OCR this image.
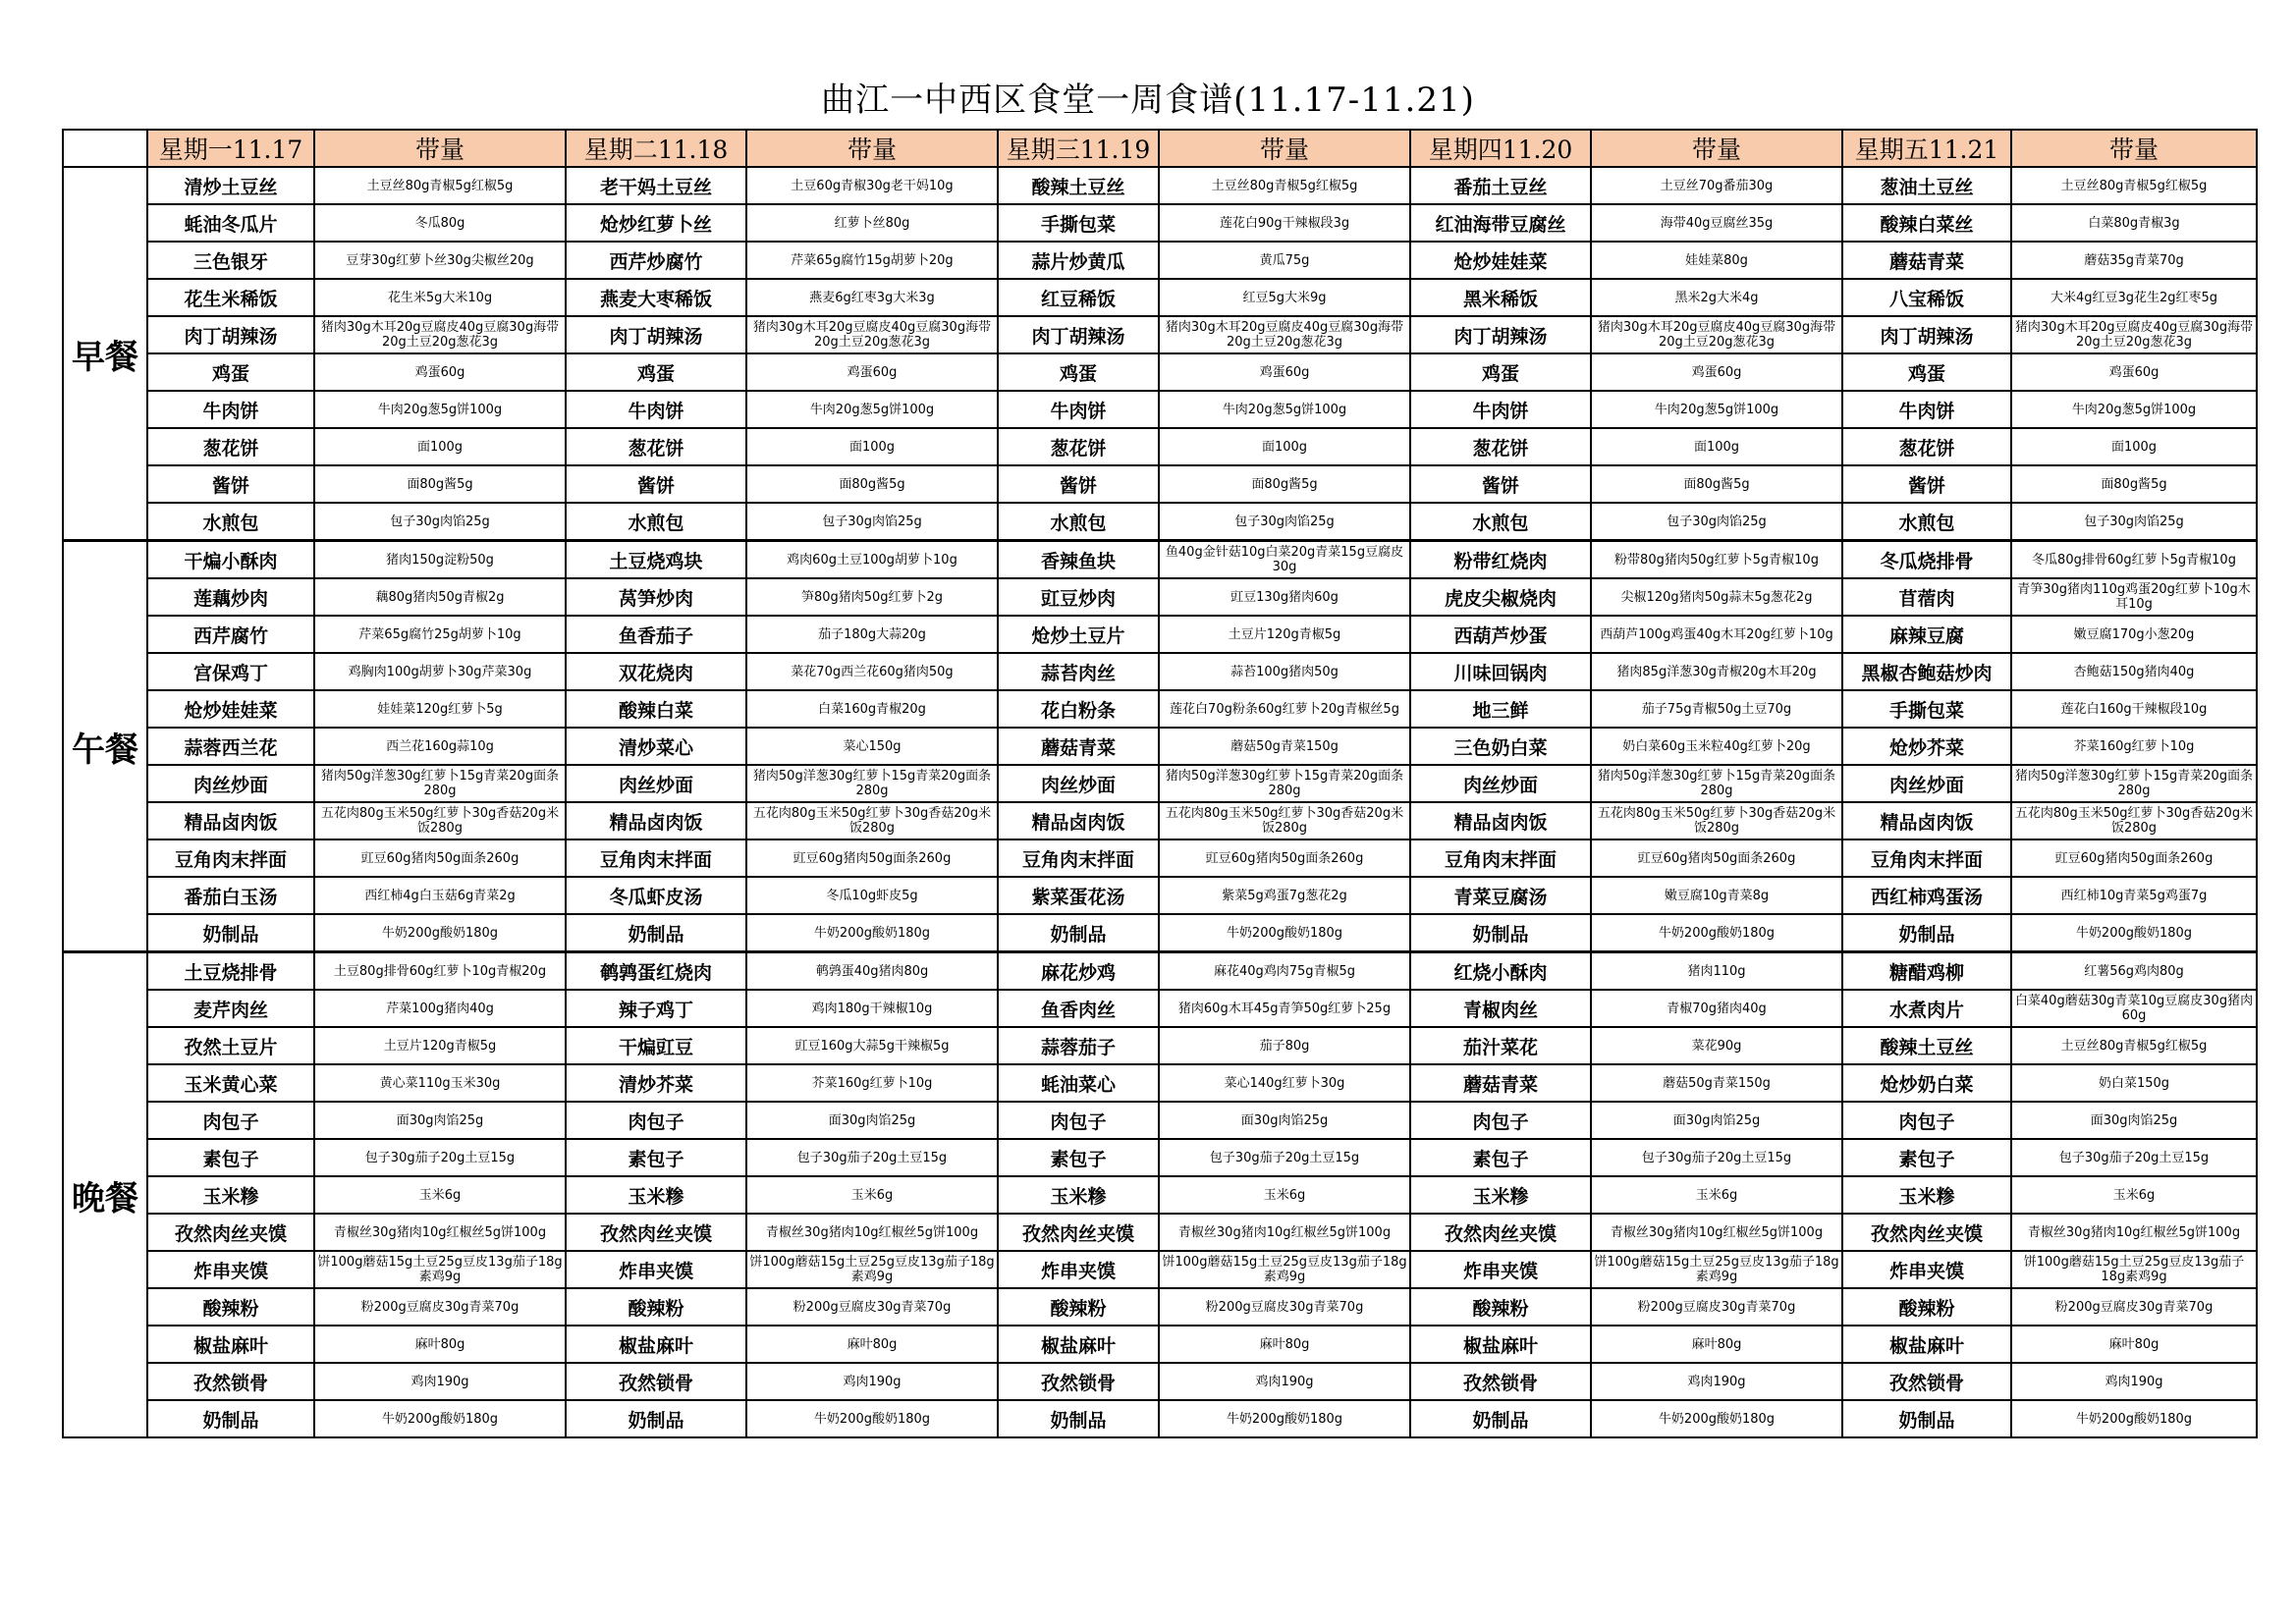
曲江一中西区食堂一周食谱(11.17-11.21)
	星期一11.17	带量	星期二11.18	带量	星期三11.19	带量	星期四11.20	带量	星期五11.21	带量
早餐	清炒土豆丝	土豆丝80g青椒5g红椒5g	老干妈土豆丝	土豆60g青椒30g老干妈10g	酸辣土豆丝	土豆丝80g青椒5g红椒5g	番茄土豆丝	土豆丝70g番茄30g	葱油土豆丝	土豆丝80g青椒5g红椒5g
	蚝油冬瓜片	冬瓜80g	炝炒红萝卜丝	红萝卜丝80g	手撕包菜	莲花白90g干辣椒段3g	红油海带豆腐丝	海带40g豆腐丝35g	酸辣白菜丝	白菜80g青椒3g
	三色银牙	豆芽30g红萝卜丝30g尖椒丝20g	西芹炒腐竹	芹菜65g腐竹15g胡萝卜20g	蒜片炒黄瓜	黄瓜75g	炝炒娃娃菜	娃娃菜80g	蘑菇青菜	蘑菇35g青菜70g
	花生米稀饭	花生米5g大米10g	燕麦大枣稀饭	燕麦6g红枣3g大米3g	红豆稀饭	红豆5g大米9g	黑米稀饭	黑米2g大米4g	八宝稀饭	大米4g红豆3g花生2g红枣5g
	肉丁胡辣汤	猪肉30g木耳20g豆腐皮40g豆腐30g海带20g土豆20g葱花3g	肉丁胡辣汤	猪肉30g木耳20g豆腐皮40g豆腐30g海带20g土豆20g葱花3g	肉丁胡辣汤	猪肉30g木耳20g豆腐皮40g豆腐30g海带20g土豆20g葱花3g	肉丁胡辣汤	猪肉30g木耳20g豆腐皮40g豆腐30g海带20g土豆20g葱花3g	肉丁胡辣汤	猪肉30g木耳20g豆腐皮40g豆腐30g海带20g土豆20g葱花3g
	鸡蛋	鸡蛋60g	鸡蛋	鸡蛋60g	鸡蛋	鸡蛋60g	鸡蛋	鸡蛋60g	鸡蛋	鸡蛋60g
	牛肉饼	牛肉20g葱5g饼100g	牛肉饼	牛肉20g葱5g饼100g	牛肉饼	牛肉20g葱5g饼100g	牛肉饼	牛肉20g葱5g饼100g	牛肉饼	牛肉20g葱5g饼100g
	葱花饼	面100g	葱花饼	面100g	葱花饼	面100g	葱花饼	面100g	葱花饼	面100g
	酱饼	面80g酱5g	酱饼	面80g酱5g	酱饼	面80g酱5g	酱饼	面80g酱5g	酱饼	面80g酱5g
	水煎包	包子30g肉馅25g	水煎包	包子30g肉馅25g	水煎包	包子30g肉馅25g	水煎包	包子30g肉馅25g	水煎包	包子30g肉馅25g
午餐	干煸小酥肉	猪肉150g淀粉50g	土豆烧鸡块	鸡肉60g土豆100g胡萝卜10g	香辣鱼块	鱼40g金针菇10g白菜20g青菜15g豆腐皮30g	粉带红烧肉	粉带80g猪肉50g红萝卜5g青椒10g	冬瓜烧排骨	冬瓜80g排骨60g红萝卜5g青椒10g
	莲藕炒肉	藕80g猪肉50g青椒2g	莴笋炒肉	笋80g猪肉50g红萝卜2g	豇豆炒肉	豇豆130g猪肉60g	虎皮尖椒烧肉	尖椒120g猪肉50g蒜末5g葱花2g	苜蓿肉	青笋30g猪肉110g鸡蛋20g红萝卜10g木耳10g
	西芹腐竹	芹菜65g腐竹25g胡萝卜10g	鱼香茄子	茄子180g大蒜20g	炝炒土豆片	土豆片120g青椒5g	西葫芦炒蛋	西葫芦100g鸡蛋40g木耳20g红萝卜10g	麻辣豆腐	嫩豆腐170g小葱20g
	宫保鸡丁	鸡胸肉100g胡萝卜30g芹菜30g	双花烧肉	菜花70g西兰花60g猪肉50g	蒜苔肉丝	蒜苔100g猪肉50g	川味回锅肉	猪肉85g洋葱30g青椒20g木耳20g	黑椒杏鲍菇炒肉	杏鲍菇150g猪肉40g
	炝炒娃娃菜	娃娃菜120g红萝卜5g	酸辣白菜	白菜160g青椒20g	花白粉条	莲花白70g粉条60g红萝卜20g青椒丝5g	地三鲜	茄子75g青椒50g土豆70g	手撕包菜	莲花白160g干辣椒段10g
	蒜蓉西兰花	西兰花160g蒜10g	清炒菜心	菜心150g	蘑菇青菜	蘑菇50g青菜150g	三色奶白菜	奶白菜60g玉米粒40g红萝卜20g	炝炒芥菜	芥菜160g红萝卜10g
	肉丝炒面	猪肉50g洋葱30g红萝卜15g青菜20g面条280g	肉丝炒面	猪肉50g洋葱30g红萝卜15g青菜20g面条280g	肉丝炒面	猪肉50g洋葱30g红萝卜15g青菜20g面条280g	肉丝炒面	猪肉50g洋葱30g红萝卜15g青菜20g面条280g	肉丝炒面	猪肉50g洋葱30g红萝卜15g青菜20g面条280g
	精品卤肉饭	五花肉80g玉米50g红萝卜30g香菇20g米饭280g	精品卤肉饭	五花肉80g玉米50g红萝卜30g香菇20g米饭280g	精品卤肉饭	五花肉80g玉米50g红萝卜30g香菇20g米饭280g	精品卤肉饭	五花肉80g玉米50g红萝卜30g香菇20g米饭280g	精品卤肉饭	五花肉80g玉米50g红萝卜30g香菇20g米饭280g
	豆角肉末拌面	豇豆60g猪肉50g面条260g	豆角肉末拌面	豇豆60g猪肉50g面条260g	豆角肉末拌面	豇豆60g猪肉50g面条260g	豆角肉末拌面	豇豆60g猪肉50g面条260g	豆角肉末拌面	豇豆60g猪肉50g面条260g
	番茄白玉汤	西红柿4g白玉菇6g青菜2g	冬瓜虾皮汤	冬瓜10g虾皮5g	紫菜蛋花汤	紫菜5g鸡蛋7g葱花2g	青菜豆腐汤	嫩豆腐10g青菜8g	西红柿鸡蛋汤	西红柿10g青菜5g鸡蛋7g
	奶制品	牛奶200g酸奶180g	奶制品	牛奶200g酸奶180g	奶制品	牛奶200g酸奶180g	奶制品	牛奶200g酸奶180g	奶制品	牛奶200g酸奶180g
晚餐	土豆烧排骨	土豆80g排骨60g红萝卜10g青椒20g	鹌鹑蛋红烧肉	鹌鹑蛋40g猪肉80g	麻花炒鸡	麻花40g鸡肉75g青椒5g	红烧小酥肉	猪肉110g	糖醋鸡柳	红薯56g鸡肉80g
	麦芹肉丝	芹菜100g猪肉40g	辣子鸡丁	鸡肉180g干辣椒10g	鱼香肉丝	猪肉60g木耳45g青笋50g红萝卜25g	青椒肉丝	青椒70g猪肉40g	水煮肉片	白菜40g蘑菇30g青菜10g豆腐皮30g猪肉60g
	孜然土豆片	土豆片120g青椒5g	干煸豇豆	豇豆160g大蒜5g干辣椒5g	蒜蓉茄子	茄子80g	茄汁菜花	菜花90g	酸辣土豆丝	土豆丝80g青椒5g红椒5g
	玉米黄心菜	黄心菜110g玉米30g	清炒芥菜	芥菜160g红萝卜10g	蚝油菜心	菜心140g红萝卜30g	蘑菇青菜	蘑菇50g青菜150g	炝炒奶白菜	奶白菜150g
	肉包子	面30g肉馅25g	肉包子	面30g肉馅25g	肉包子	面30g肉馅25g	肉包子	面30g肉馅25g	肉包子	面30g肉馅25g
	素包子	包子30g茄子20g土豆15g	素包子	包子30g茄子20g土豆15g	素包子	包子30g茄子20g土豆15g	素包子	包子30g茄子20g土豆15g	素包子	包子30g茄子20g土豆15g
	玉米糁	玉米6g	玉米糁	玉米6g	玉米糁	玉米6g	玉米糁	玉米6g	玉米糁	玉米6g
	孜然肉丝夹馍	青椒丝30g猪肉10g红椒丝5g饼100g	孜然肉丝夹馍	青椒丝30g猪肉10g红椒丝5g饼100g	孜然肉丝夹馍	青椒丝30g猪肉10g红椒丝5g饼100g	孜然肉丝夹馍	青椒丝30g猪肉10g红椒丝5g饼100g	孜然肉丝夹馍	青椒丝30g猪肉10g红椒丝5g饼100g
	炸串夹馍	饼100g蘑菇15g土豆25g豆皮13g茄子18g素鸡9g	炸串夹馍	饼100g蘑菇15g土豆25g豆皮13g茄子18g素鸡9g	炸串夹馍	饼100g蘑菇15g土豆25g豆皮13g茄子18g素鸡9g	炸串夹馍	饼100g蘑菇15g土豆25g豆皮13g茄子18g素鸡9g	炸串夹馍	饼100g蘑菇15g土豆25g豆皮13g茄子18g素鸡9g
	酸辣粉	粉200g豆腐皮30g青菜70g	酸辣粉	粉200g豆腐皮30g青菜70g	酸辣粉	粉200g豆腐皮30g青菜70g	酸辣粉	粉200g豆腐皮30g青菜70g	酸辣粉	粉200g豆腐皮30g青菜70g
	椒盐麻叶	麻叶80g	椒盐麻叶	麻叶80g	椒盐麻叶	麻叶80g	椒盐麻叶	麻叶80g	椒盐麻叶	麻叶80g
	孜然锁骨	鸡肉190g	孜然锁骨	鸡肉190g	孜然锁骨	鸡肉190g	孜然锁骨	鸡肉190g	孜然锁骨	鸡肉190g
	奶制品	牛奶200g酸奶180g	奶制品	牛奶200g酸奶180g	奶制品	牛奶200g酸奶180g	奶制品	牛奶200g酸奶180g	奶制品	牛奶200g酸奶180g
